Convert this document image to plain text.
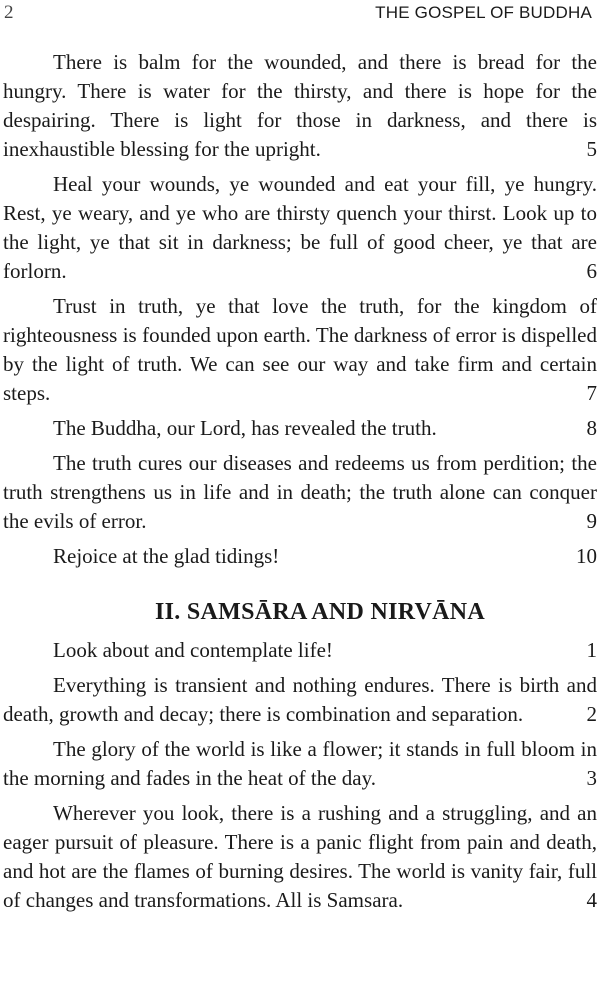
2	THE GOSPEL OF BUDDHA

There is balm for the wounded, and there is bread for the hungry. There is water for the thirsty, and there is hope for the despairing. There is light for those in darkness, and there is inexhaustible blessing for the upright.	5

Heal your wounds, ye wounded and eat your fill, ye hungry. Rest, ye weary, and ye who are thirsty quench your thirst. Look up to the light, ye that sit in darkness; be full of good cheer, ye that are forlorn.	6

Trust in truth, ye that love the truth, for the kingdom of righteousness is founded upon earth. The darkness of error is dispelled by the light of truth. We can see our way and take firm and certain steps.	7

The Buddha, our Lord, has revealed the truth.	8

The truth cures our diseases and redeems us from perdition; the truth strengthens us in life and in death; the truth alone can conquer the evils of error.	9

Rejoice at the glad tidings!	10

II. SAMSĀRA AND NIRVĀNA

Look about and contemplate life!	1

Everything is transient and nothing endures. There is birth and death, growth and decay; there is combination and separation.	2

The glory of the world is like a flower; it stands in full bloom in the morning and fades in the heat of the day.	3

Wherever you look, there is a rushing and a struggling, and an eager pursuit of pleasure. There is a panic flight from pain and death, and hot are the flames of burning desires. The world is vanity fair, full of changes and transformations. All is Samsara.	4
